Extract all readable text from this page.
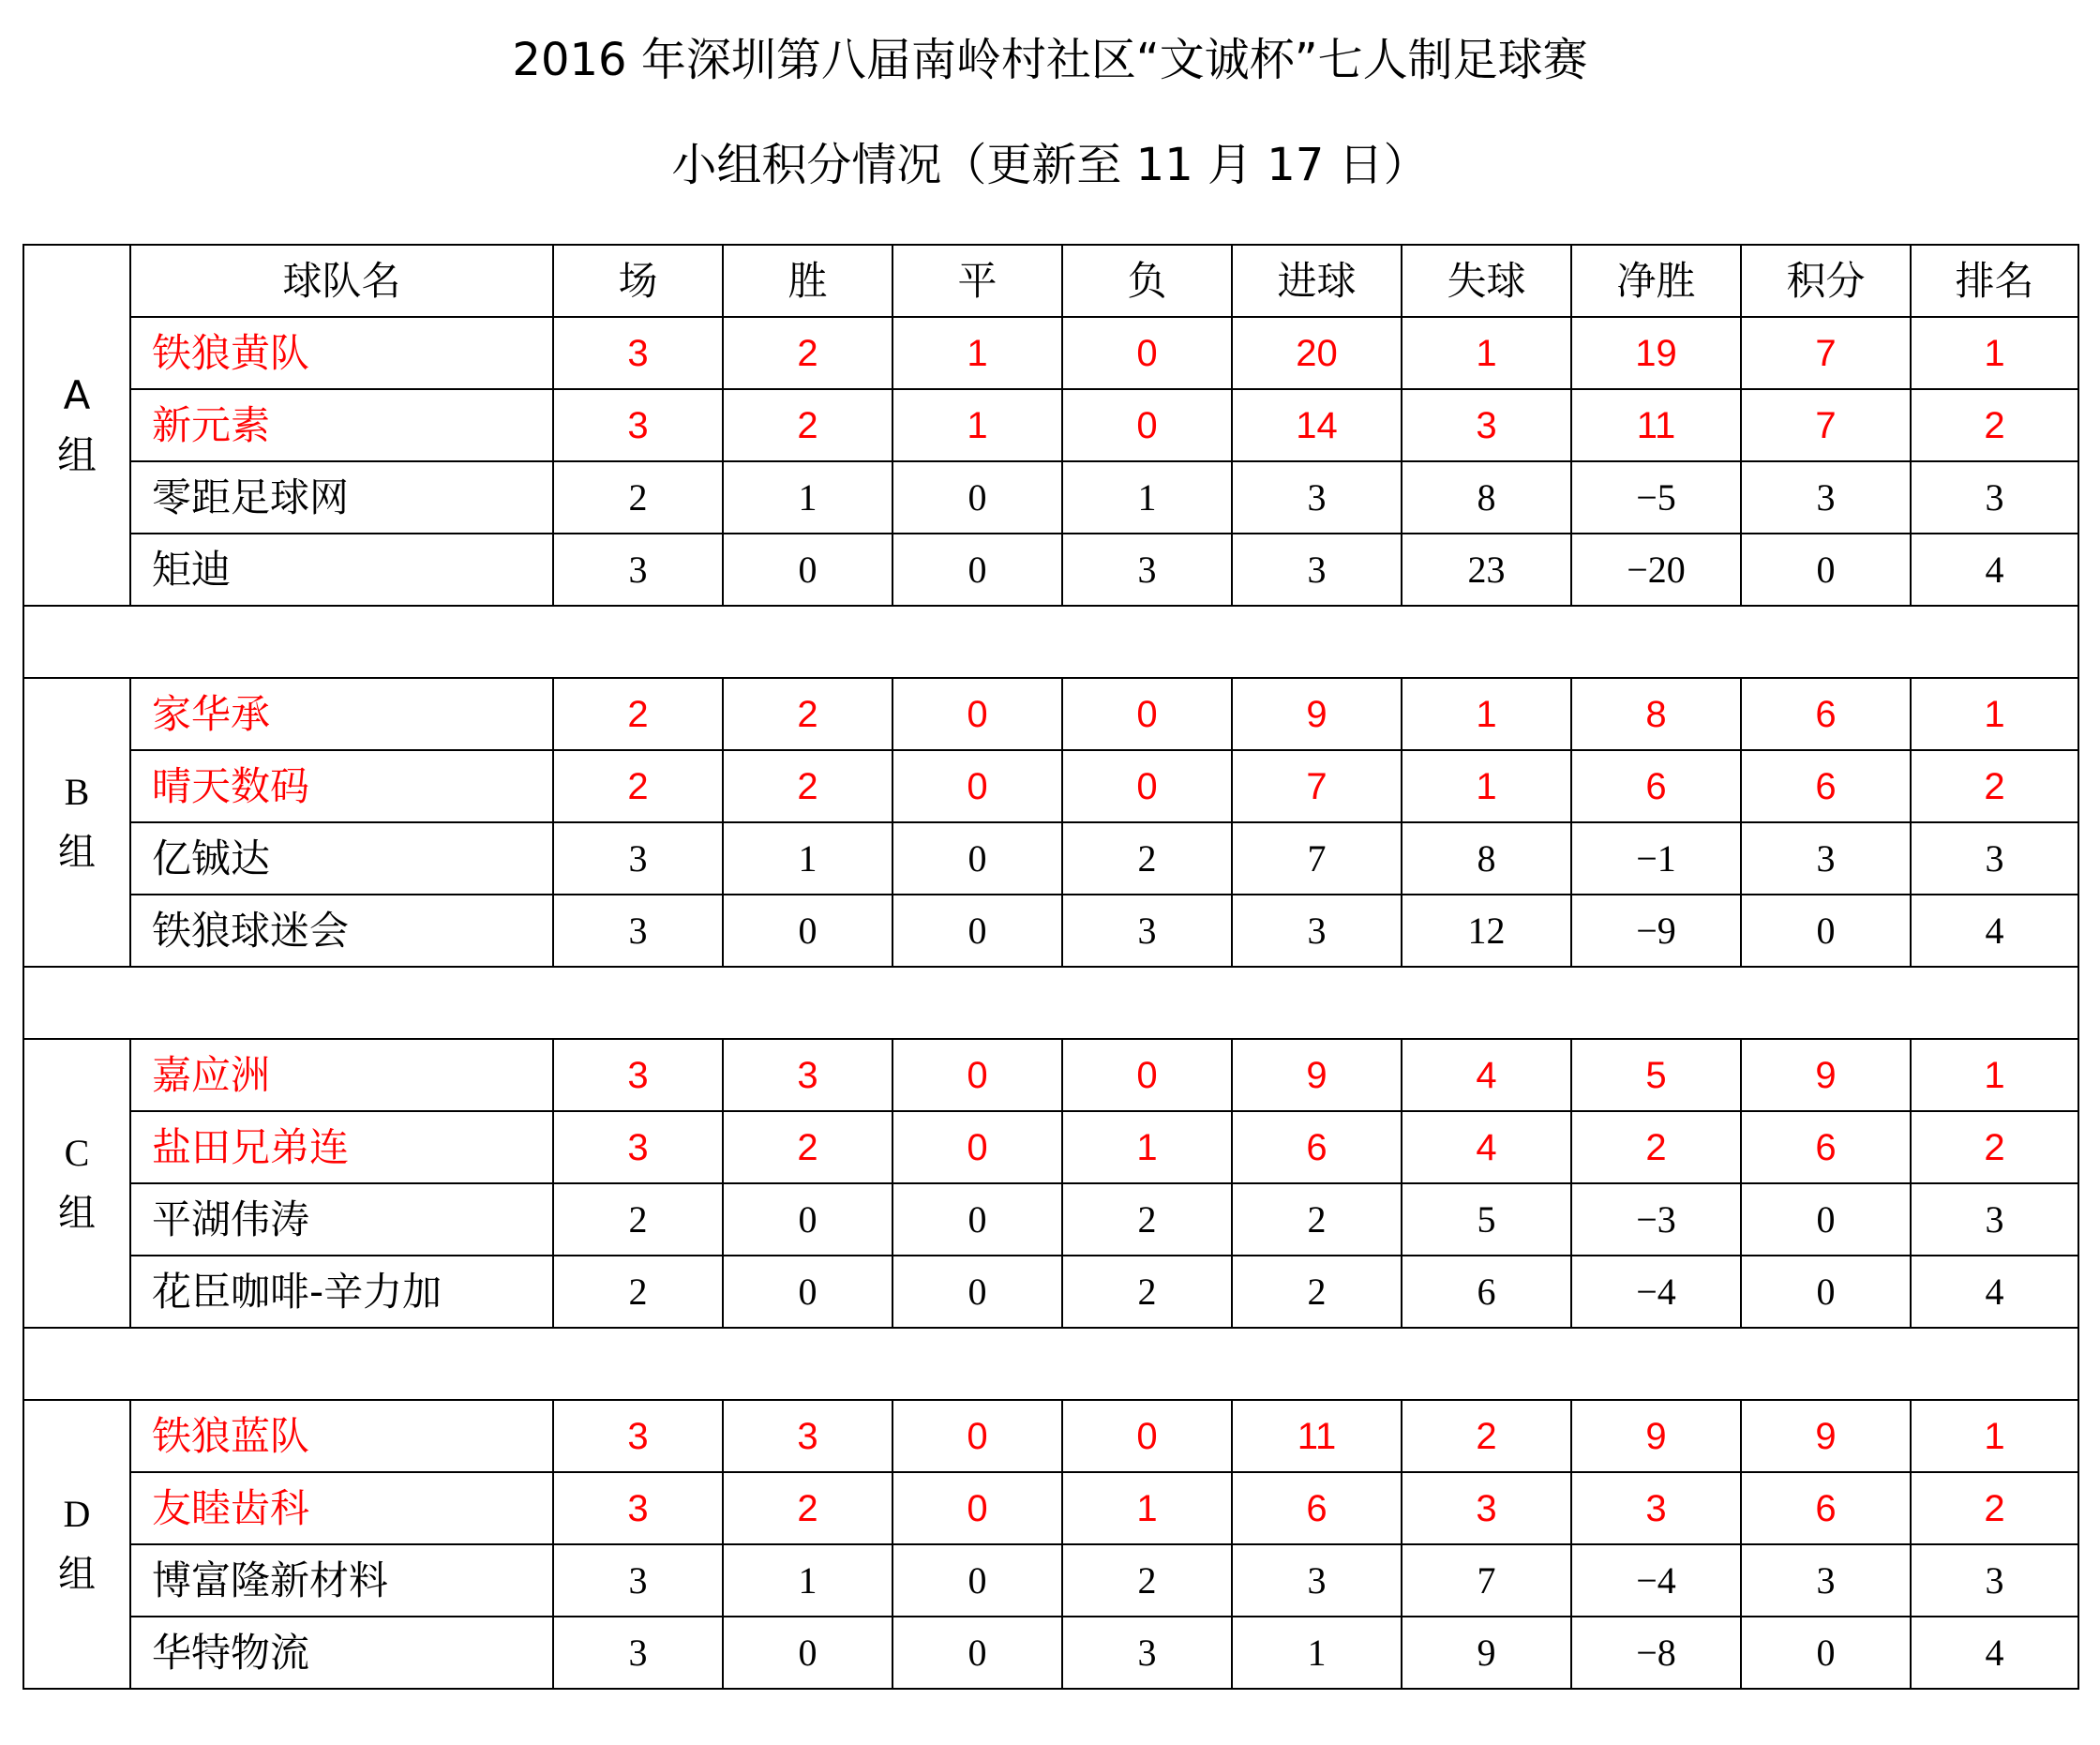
2016 年深圳第八届南岭村社区“文诚杯”七人制足球赛
小组积分情况（更新至 11 月 17 日）
A
组	球队名	场	胜	平	负	进球	失球	净胜	积分	排名
	铁狼黄队	3	2	1	0	20	1	19	7	1
	新元素	3	2	1	0	14	3	11	7	2
	零距足球网	2	1	0	1	3	8	−5	3	3
	矩迪	3	0	0	3	3	23	−20	0	4

B
组	家华承	2	2	0	0	9	1	8	6	1
	晴天数码	2	2	0	0	7	1	6	6	2
	亿铖达	3	1	0	2	7	8	−1	3	3
	铁狼球迷会	3	0	0	3	3	12	−9	0	4

C
组	嘉应洲	3	3	0	0	9	4	5	9	1
	盐田兄弟连	3	2	0	1	6	4	2	6	2
	平湖伟涛	2	0	0	2	2	5	−3	0	3
	花臣咖啡-辛力加	2	0	0	2	2	6	−4	0	4

D
组	铁狼蓝队	3	3	0	0	11	2	9	9	1
	友睦齿科	3	2	0	1	6	3	3	6	2
	博富隆新材料	3	1	0	2	3	7	−4	3	3
	华特物流	3	0	0	3	1	9	−8	0	4
